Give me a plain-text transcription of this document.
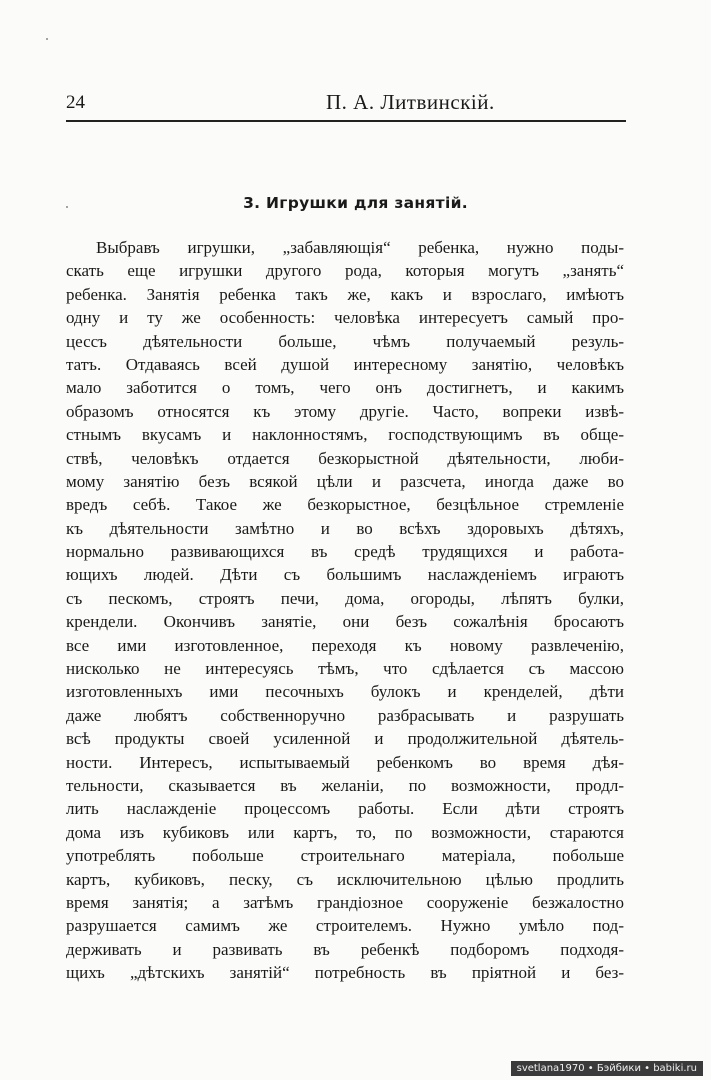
24	П. А. Литвинскій.
3. Игрушки для занятій.
Выбравъ игрушки, „забавляющія“ ребенка, нужно поды-
скать еще игрушки другого рода, которыя могутъ „занять“
ребенка. Занятія ребенка такъ же, какъ и взрослаго, имѣютъ
одну и ту же особенность: человѣка интересуетъ самый про-
цессъ дѣятельности больше, чѣмъ получаемый резуль-
татъ. Отдаваясь всей душой интересному занятію, человѣкъ
мало заботится о томъ, чего онъ достигнетъ, и какимъ
образомъ относятся къ этому другіе. Часто, вопреки извѣ-
стнымъ вкусамъ и наклонностямъ, господствующимъ въ обще-
ствѣ, человѣкъ отдается безкорыстной дѣятельности, люби-
мому занятію безъ всякой цѣли и разсчета, иногда даже во
вредъ себѣ. Такое же безкорыстное, безцѣльное стремленіе
къ дѣятельности замѣтно и во всѣхъ здоровыхъ дѣтяхъ,
нормально развивающихся въ средѣ трудящихся и работа-
ющихъ людей. Дѣти съ большимъ наслажденіемъ играютъ
съ пескомъ, строятъ печи, дома, огороды, лѣпятъ булки,
крендели. Окончивъ занятіе, они безъ сожалѣнія бросаютъ
все ими изготовленное, переходя къ новому развлеченію,
нисколько не интересуясь тѣмъ, что сдѣлается съ массою
изготовленныхъ ими песочныхъ булокъ и кренделей, дѣти
даже любятъ собственноручно разбрасывать и разрушать
всѣ продукты своей усиленной и продолжительной дѣятель-
ности. Интересъ, испытываемый ребенкомъ во время дѣя-
тельности, сказывается въ желаніи, по возможности, продл-
лить наслажденіе процессомъ работы. Если дѣти строятъ
дома изъ кубиковъ или картъ, то, по возможности, стараются
употреблять побольше строительнаго матеріала, побольше
картъ, кубиковъ, песку, съ исключительною цѣлью продлить
время занятія; а затѣмъ грандіозное сооруженіе безжалостно
разрушается самимъ же строителемъ. Нужно умѣло под-
держивать и развивать въ ребенкѣ подборомъ подходя-
щихъ „дѣтскихъ занятій“ потребность въ пріятной и без-
svetlana1970 • Бэйбики • babiki.ru
